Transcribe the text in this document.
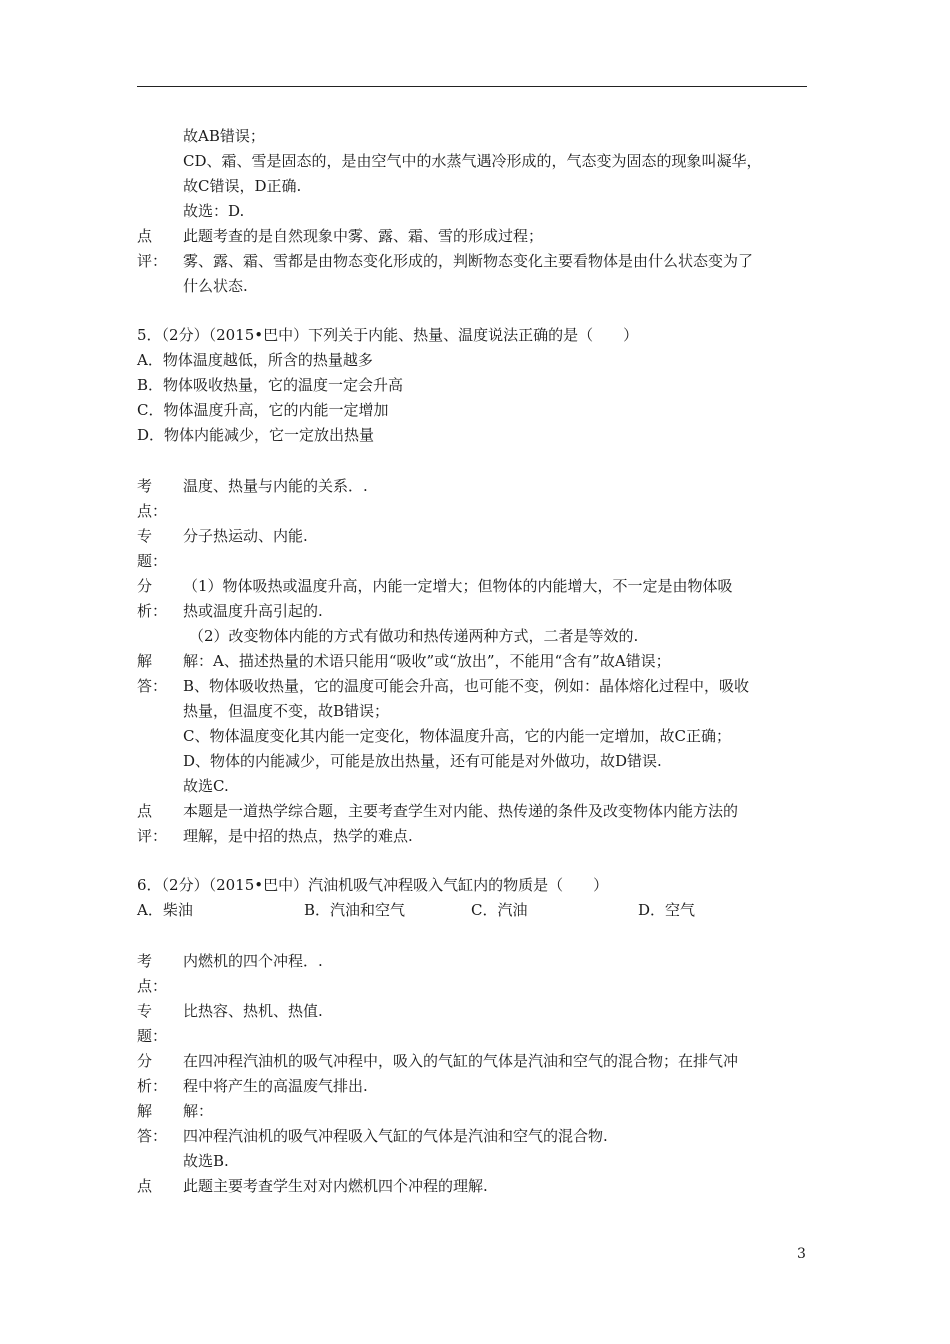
故AB错误；
CD、霜、雪是固态的，是由空气中的水蒸气遇冷形成的，气态变为固态的现象叫凝华，
故C错误，D正确.
故选：D.
点 此题考查的是自然现象中雾、露、霜、雪的形成过程；
评： 雾、露、霜、雪都是由物态变化形成的，判断物态变化主要看物体是由什么状态变为了
什么状态.
5．（2分）（2015•巴中）下列关于内能、热量、温度说法正确的是（　　）
A．物体温度越低，所含的热量越多
B．物体吸收热量，它的温度一定会升高
C．物体温度升高，它的内能一定增加
D．物体内能减少，它一定放出热量
考 温度、热量与内能的关系．.
点：
专 分子热运动、内能.
题：
分 （1）物体吸热或温度升高，内能一定增大；但物体的内能增大，不一定是由物体吸
析： 热或温度升高引起的.
（2）改变物体内能的方式有做功和热传递两种方式，二者是等效的.
解 解：A、描述热量的术语只能用“吸收”或“放出”，不能用“含有”故A错误；
答： B、物体吸收热量，它的温度可能会升高，也可能不变，例如：晶体熔化过程中，吸收
热量，但温度不变，故B错误；
C、物体温度变化其内能一定变化，物体温度升高，它的内能一定增加，故C正确；
D、物体的内能减少，可能是放出热量，还有可能是对外做功，故D错误.
故选C.
点 本题是一道热学综合题，主要考查学生对内能、热传递的条件及改变物体内能方法的
评： 理解，是中招的热点，热学的难点.
6．（2分）（2015•巴中）汽油机吸气冲程吸入气缸内的物质是（　　）
A．柴油	B．汽油和空气	C．汽油	D．空气
考 内燃机的四个冲程．.
点：
专 比热容、热机、热值.
题：
分 在四冲程汽油机的吸气冲程中，吸入的气缸的气体是汽油和空气的混合物；在排气冲
析： 程中将产生的高温废气排出.
解 解：
答： 四冲程汽油机的吸气冲程吸入气缸的气体是汽油和空气的混合物.
故选B.
点 此题主要考查学生对对内燃机四个冲程的理解.
3
